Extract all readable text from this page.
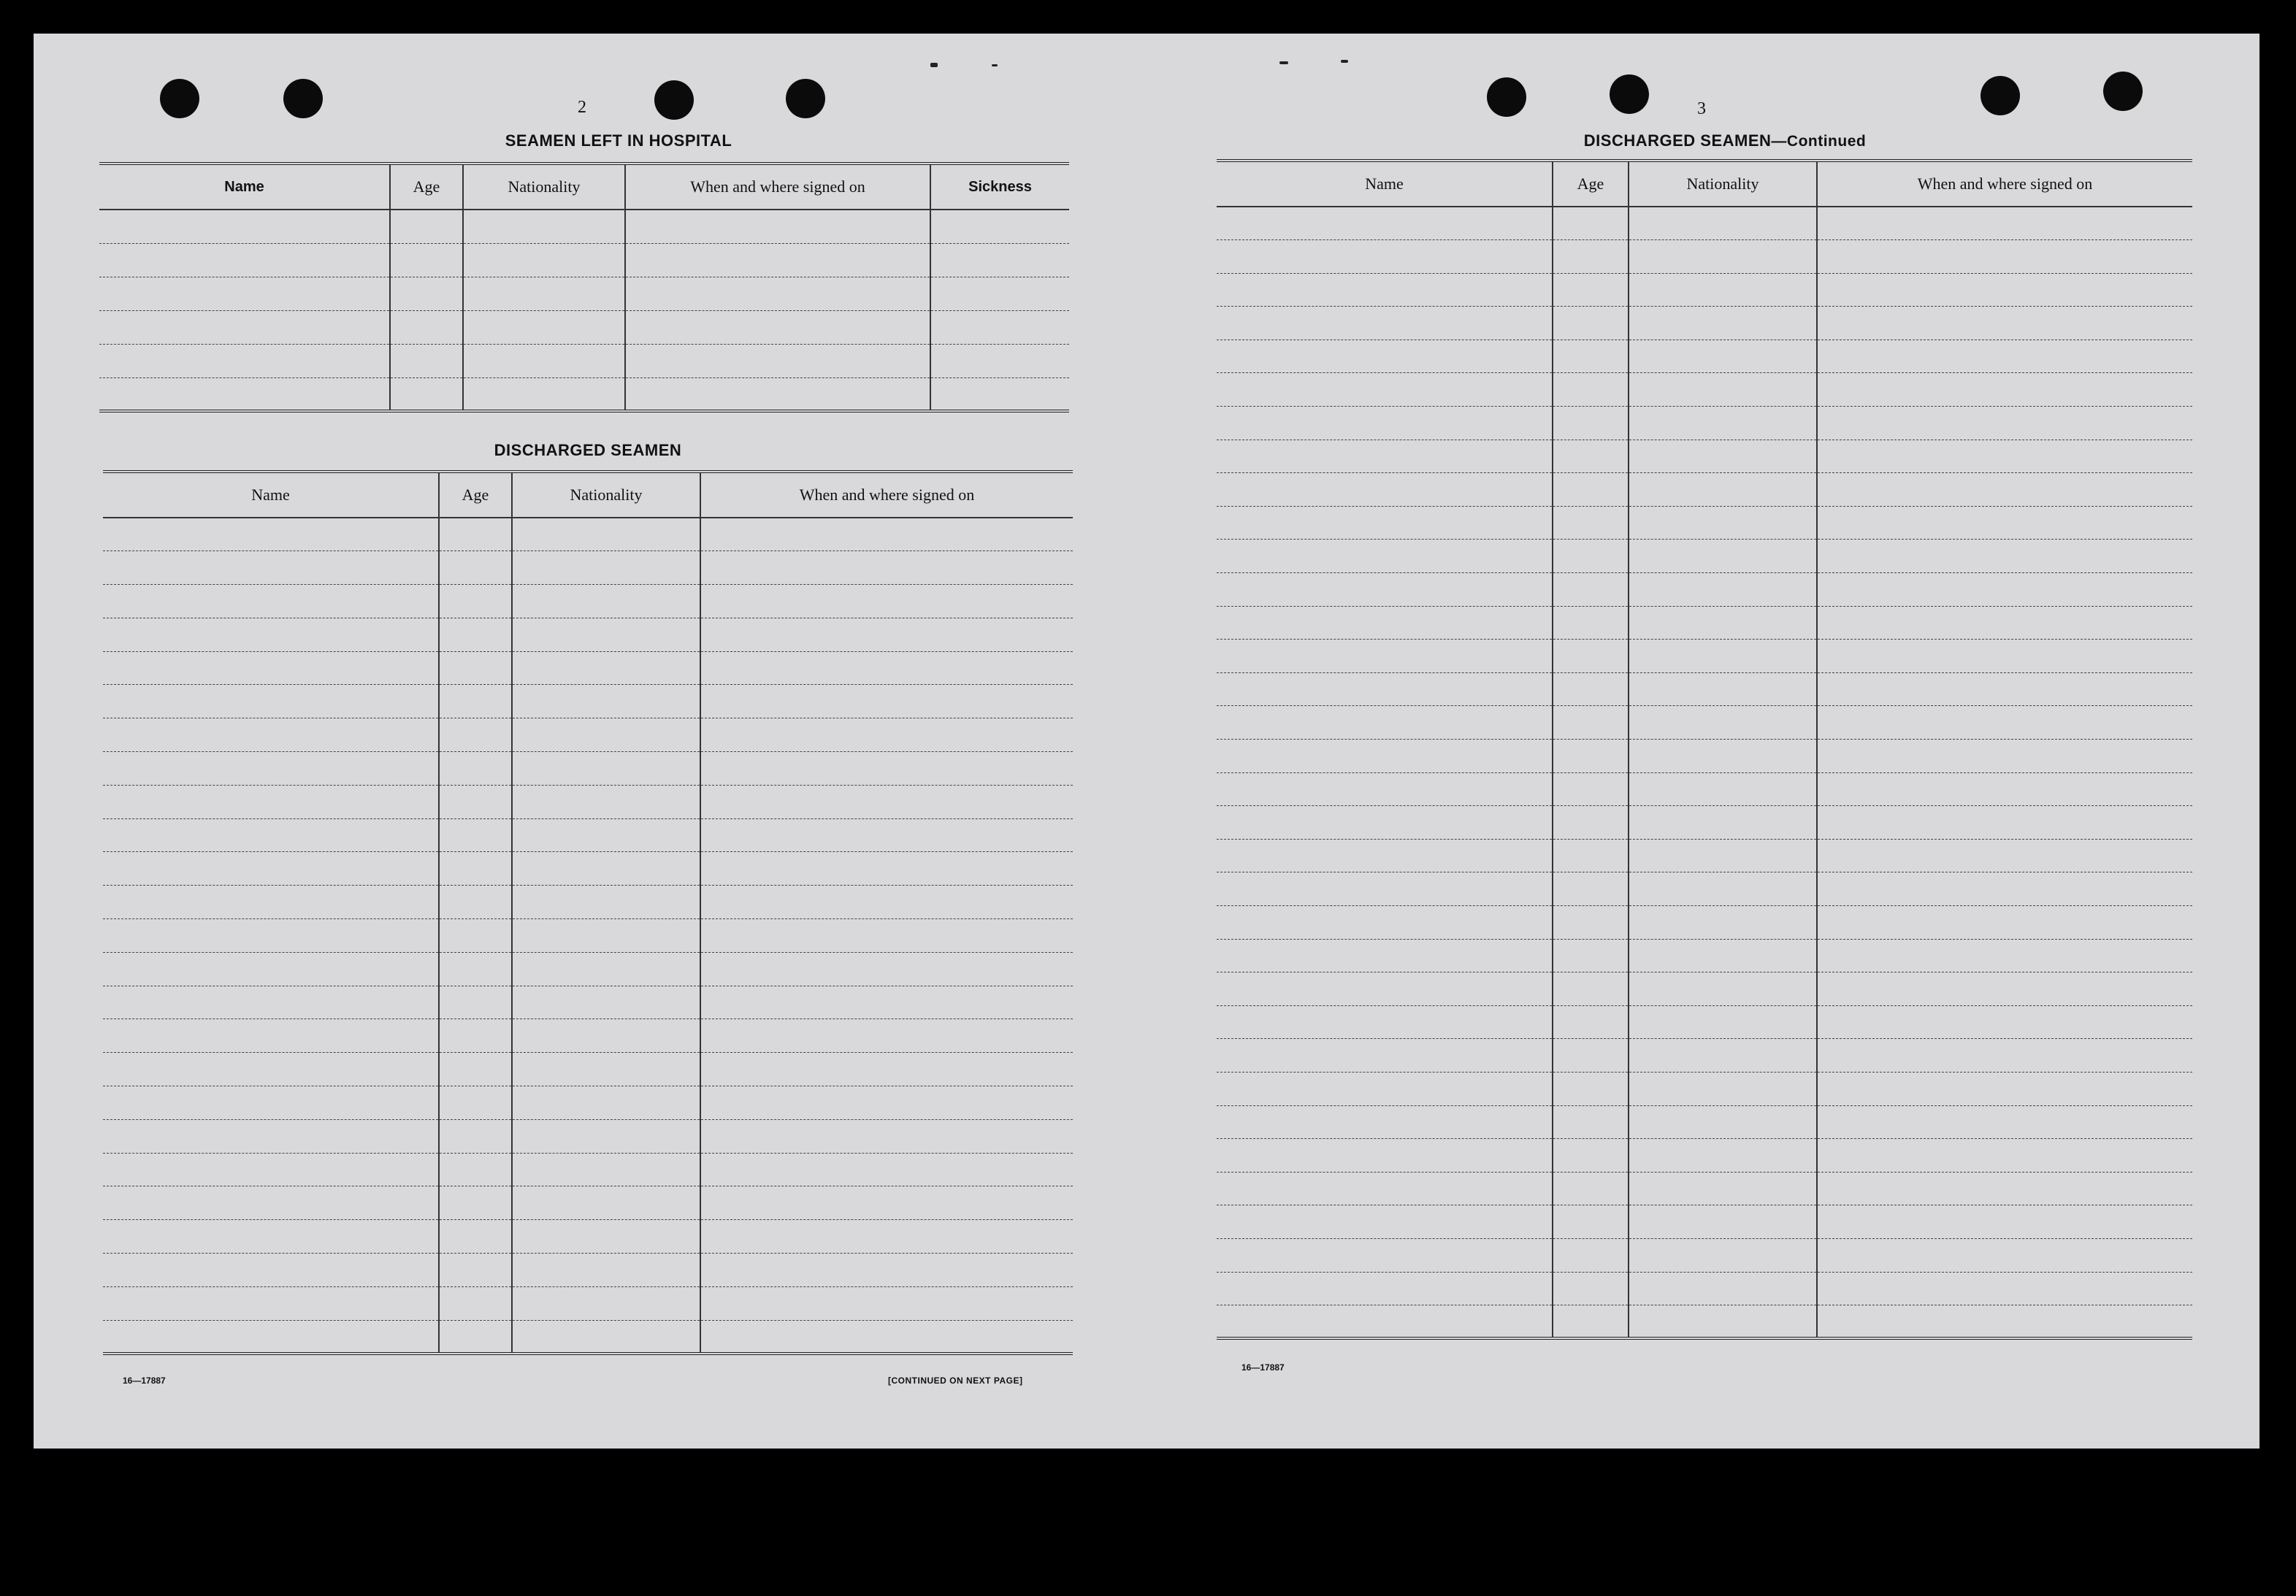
2
SEAMEN LEFT IN HOSPITAL
Name	Age	Nationality	When and where signed on	Sickness

DISCHARGED SEAMEN
Name	Age	Nationality	When and where signed on

16—17887	[CONTINUED ON NEXT PAGE]
3
DISCHARGED SEAMEN—Continued
Name	Age	Nationality	When and where signed on

16—17887
